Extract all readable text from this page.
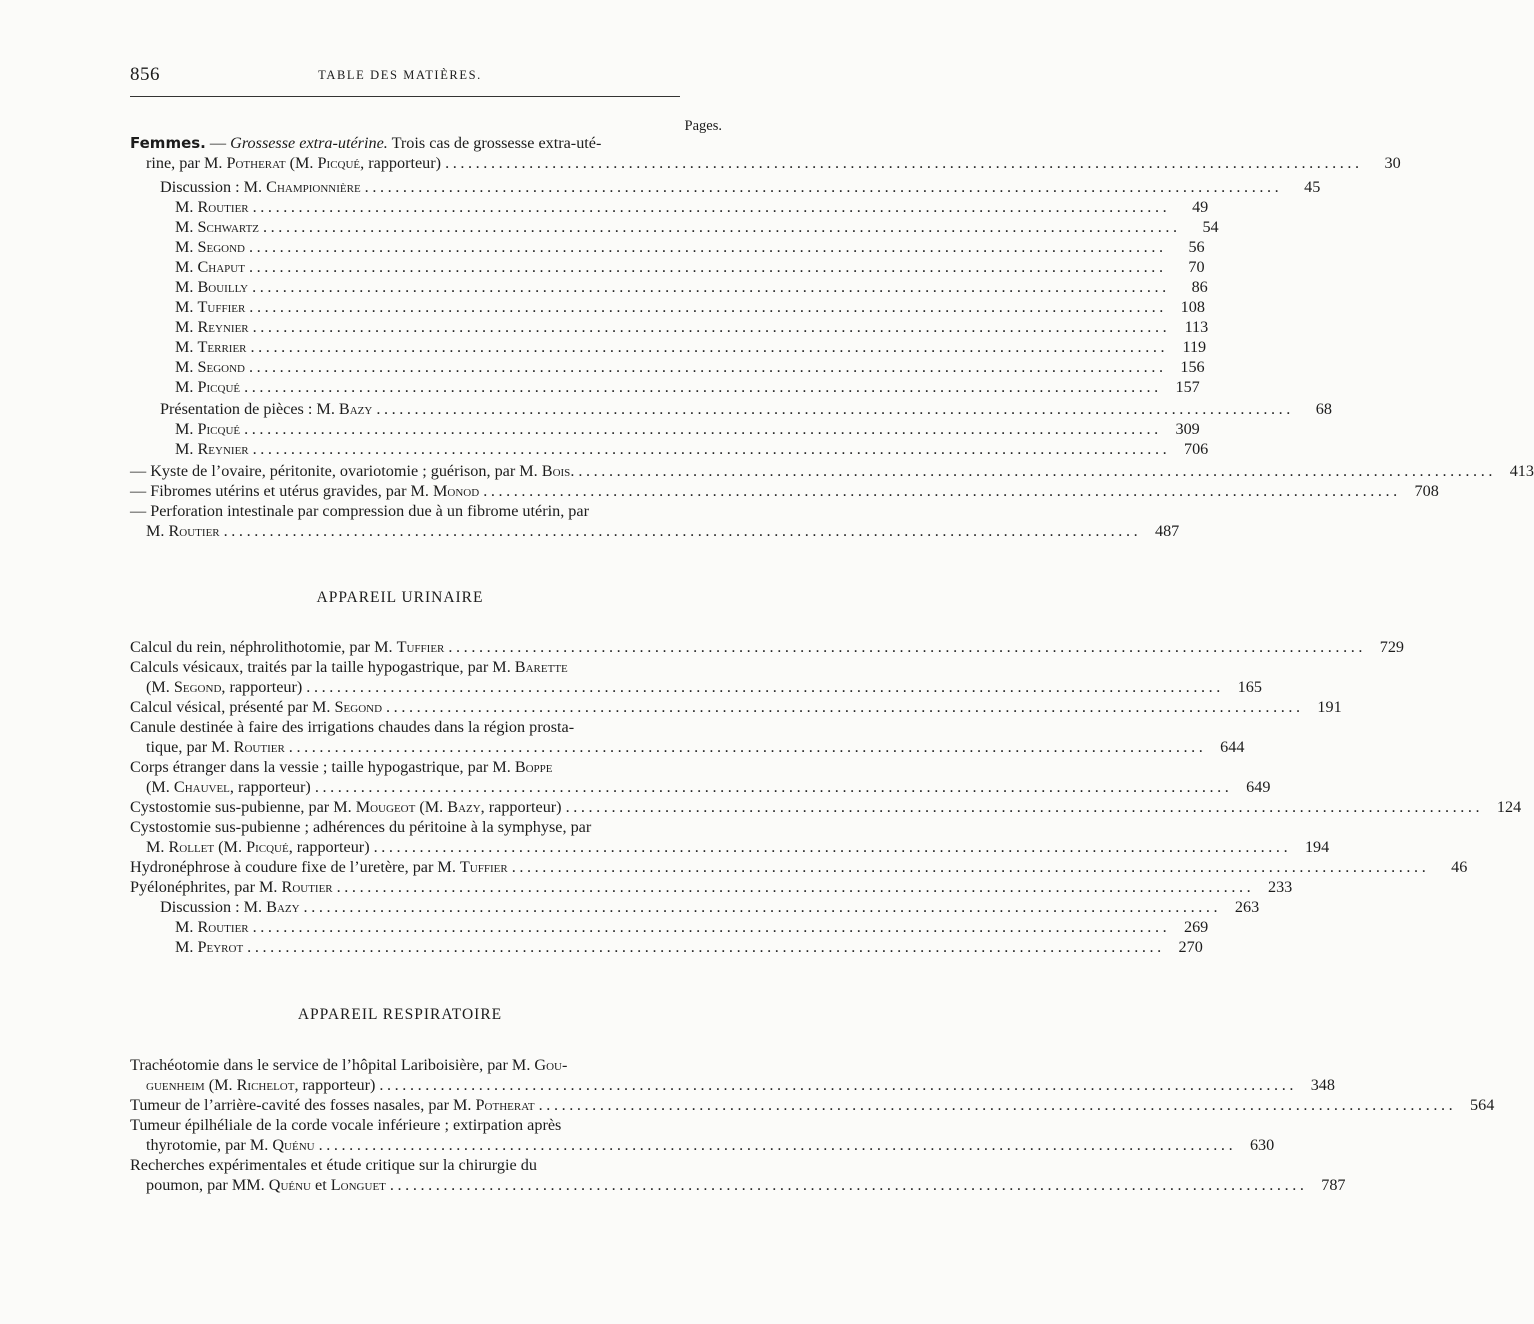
856	TABLE DES MATIÈRES.
Pages.
Femmes. — Grossesse extra-utérine. Trois cas de grossesse extra-uté-
rine, par M. Potherat (M. Picqué, rapporteur) ........................................................................................................................	30
Discussion : M. Championnière ........................................................................................................................	45
M. Routier ........................................................................................................................	49
M. Schwartz ........................................................................................................................	54
M. Segond ........................................................................................................................	56
M. Chaput ........................................................................................................................	70
M. Bouilly ........................................................................................................................	86
M. Tuffier ........................................................................................................................ 108
M. Reynier ........................................................................................................................ 113
M. Terrier ........................................................................................................................ 119
M. Segond ........................................................................................................................ 156
M. Picqué ........................................................................................................................ 157
Présentation de pièces : M. Bazy ........................................................................................................................	68
M. Picqué ........................................................................................................................ 309
M. Reynier ........................................................................................................................ 706
— Kyste de l’ovaire, péritonite, ovariotomie ; guérison, par M. Bois. ........................................................................................................................ 413
— Fibromes utérins et utérus gravides, par M. Monod ........................................................................................................................ 708
— Perforation intestinale par compression due à un fibrome utérin, par
M. Routier ........................................................................................................................ 487
APPAREIL URINAIRE
Calcul du rein, néphrolithotomie, par M. Tuffier ........................................................................................................................ 729
Calculs vésicaux, traités par la taille hypogastrique, par M. Barette
(M. Segond, rapporteur) ........................................................................................................................ 165
Calcul vésical, présenté par M. Segond ........................................................................................................................ 191
Canule destinée à faire des irrigations chaudes dans la région prosta-
tique, par M. Routier ........................................................................................................................ 644
Corps étranger dans la vessie ; taille hypogastrique, par M. Boppe
(M. Chauvel, rapporteur) ........................................................................................................................ 649
Cystostomie sus-pubienne, par M. Mougeot (M. Bazy, rapporteur) ........................................................................................................................ 124
Cystostomie sus-pubienne ; adhérences du péritoine à la symphyse, par
M. Rollet (M. Picqué, rapporteur) ........................................................................................................................ 194
Hydronéphrose à coudure fixe de l’uretère, par M. Tuffier ........................................................................................................................	46
Pyélonéphrites, par M. Routier ........................................................................................................................ 233
Discussion : M. Bazy ........................................................................................................................ 263
M. Routier ........................................................................................................................ 269
M. Peyrot ........................................................................................................................ 270
APPAREIL RESPIRATOIRE
Trachéotomie dans le service de l’hôpital Lariboisière, par M. Gou-
guenheim (M. Richelot, rapporteur) ........................................................................................................................ 348
Tumeur de l’arrière-cavité des fosses nasales, par M. Potherat ........................................................................................................................ 564
Tumeur épilhéliale de la corde vocale inférieure ; extirpation après
thyrotomie, par M. Quénu ........................................................................................................................ 630
Recherches expérimentales et étude critique sur la chirurgie du
poumon, par MM. Quénu et Longuet ........................................................................................................................ 787
